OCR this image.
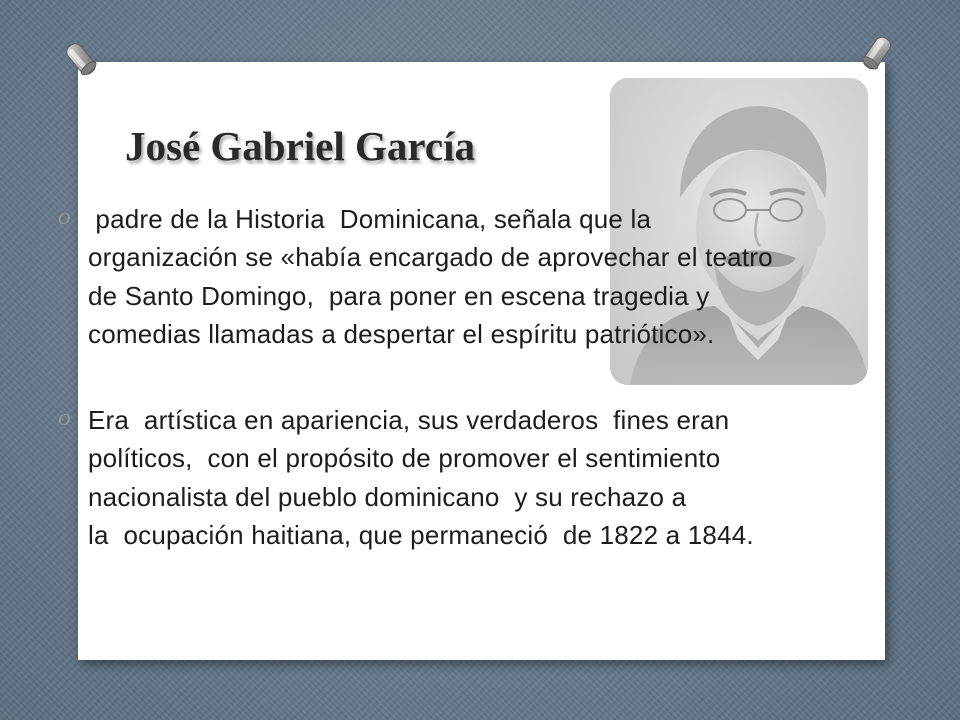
José Gabriel García
O padre de la Historia  Dominicana, señala que la
organización se «había encargado de aprovechar el teatro
de Santo Domingo,  para poner en escena tragedia y
comedias llamadas a despertar el espíritu patriótico».
O Era  artística en apariencia, sus verdaderos  fines eran
políticos,  con el propósito de promover el sentimiento
nacionalista del pueblo dominicano  y su rechazo a
la  ocupación haitiana, que permaneció  de 1822 a 1844.
